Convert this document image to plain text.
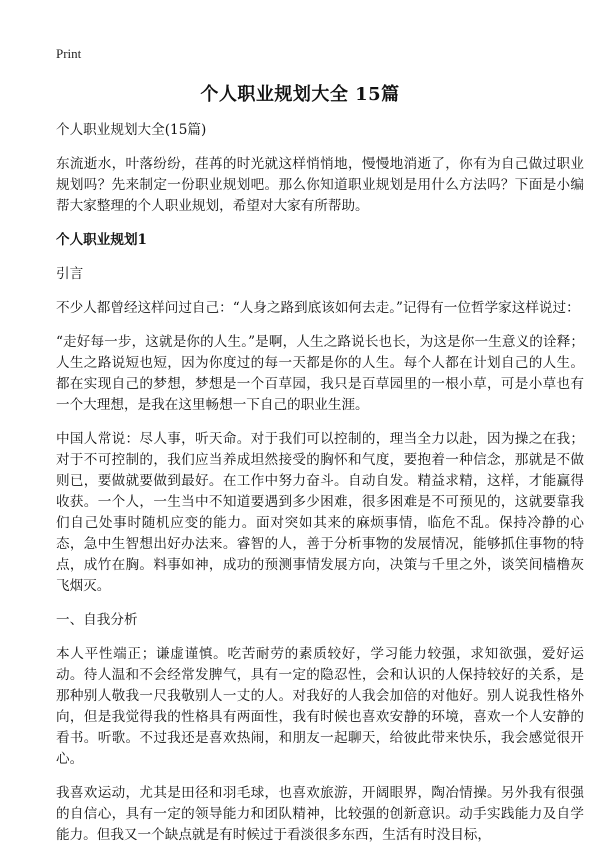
Print
个人职业规划大全 15篇
个人职业规划大全(15篇)
东流逝水，叶落纷纷，荏苒的时光就这样悄悄地，慢慢地消逝了，你有为自己做过职业规划吗？先来制定一份职业规划吧。那么你知道职业规划是用什么方法吗？下面是小编帮大家整理的个人职业规划，希望对大家有所帮助。
个人职业规划1
引言
不少人都曾经这样问过自己：“人身之路到底该如何去走。”记得有一位哲学家这样说过：
“走好每一步，这就是你的人生。”是啊，人生之路说长也长，为这是你一生意义的诠释；人生之路说短也短，因为你度过的每一天都是你的人生。每个人都在计划自己的人生。都在实现自己的梦想，梦想是一个百草园，我只是百草园里的一根小草，可是小草也有一个大理想，是我在这里畅想一下自己的职业生涯。
中国人常说：尽人事，听天命。对于我们可以控制的，理当全力以赴，因为操之在我；对于不可控制的，我们应当养成坦然接受的胸怀和气度，要抱着一种信念，那就是不做则已，要做就要做到最好。在工作中努力奋斗。自动自发。精益求精，这样，才能赢得收获。一个人，一生当中不知道要遇到多少困难，很多困难是不可预见的，这就要靠我们自己处事时随机应变的能力。面对突如其来的麻烦事情，临危不乱。保持冷静的心态，急中生智想出好办法来。睿智的人，善于分析事物的发展情况，能够抓住事物的特点，成竹在胸。料事如神，成功的预测事情发展方向，决策与千里之外，谈笑间樯橹灰飞烟灭。
一、自我分析
本人平性端正；谦虚谨慎。吃苦耐劳的素质较好，学习能力较强，求知欲强，爱好运动。待人温和不会经常发脾气，具有一定的隐忍性，会和认识的人保持较好的关系，是那种别人敬我一尺我敬别人一丈的人。对我好的人我会加倍的对他好。别人说我性格外向，但是我觉得我的性格具有两面性，我有时候也喜欢安静的环境，喜欢一个人安静的看书。听歌。不过我还是喜欢热闹，和朋友一起聊天，给彼此带来快乐，我会感觉很开心。
我喜欢运动，尤其是田径和羽毛球，也喜欢旅游，开阔眼界，陶冶情操。另外我有很强的自信心，具有一定的领导能力和团队精神，比较强的创新意识。动手实践能力及自学能力。但我又一个缺点就是有时候过于看淡很多东西，生活有时没目标，
